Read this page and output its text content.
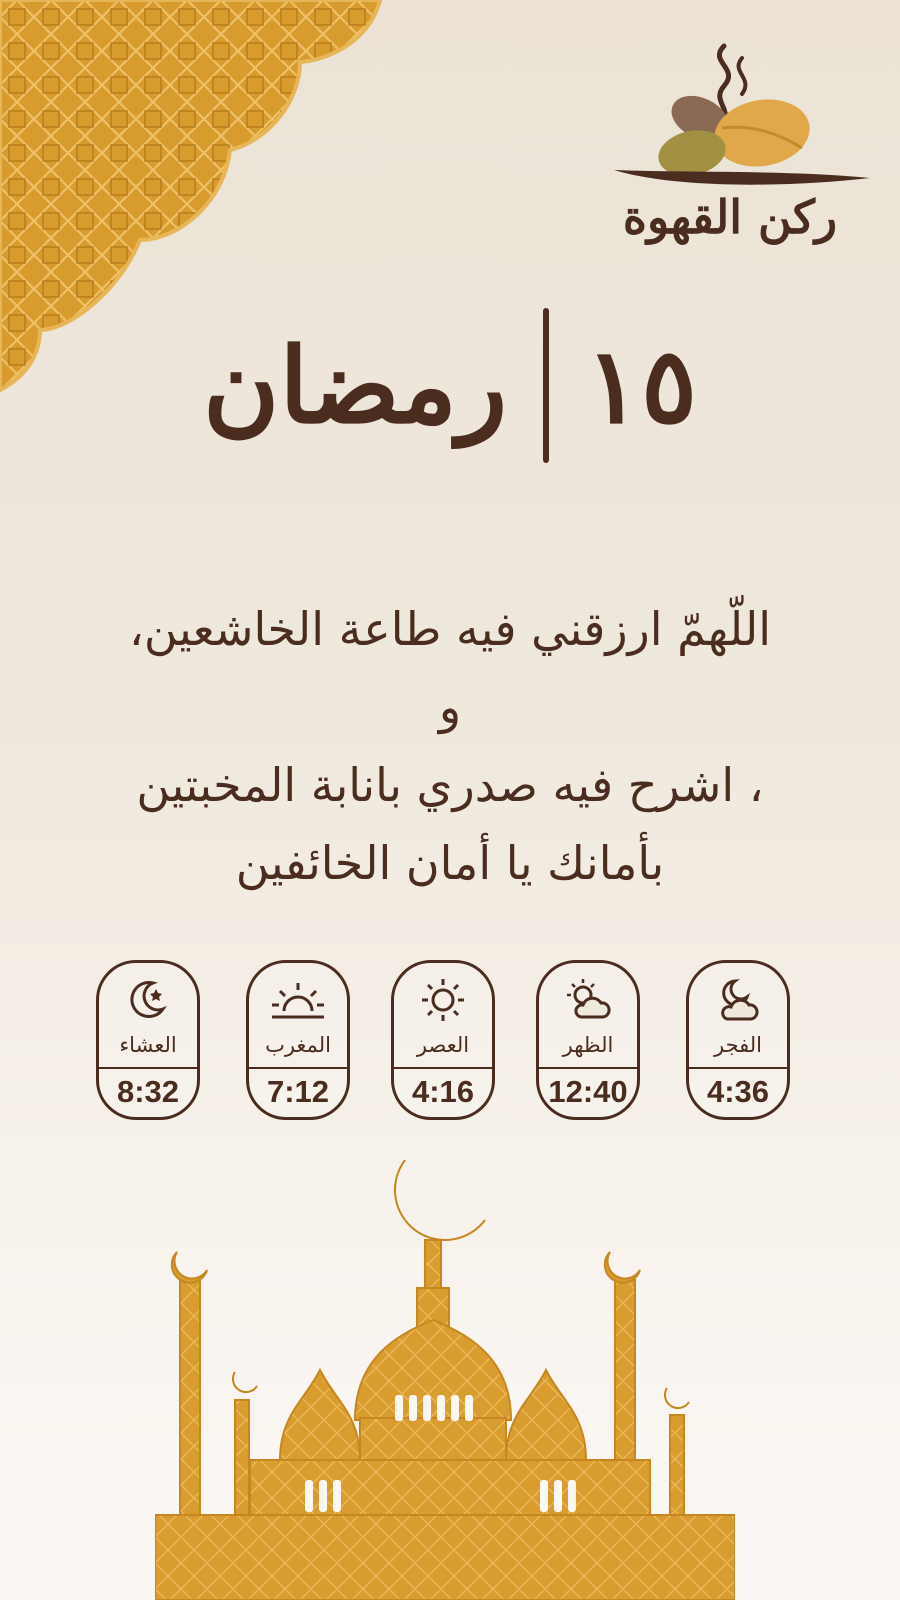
ركن القهوة
١٥
رمضان
اللّهمّ ارزقني فيه طاعة الخاشعين، و
، اشرح فيه صدري بانابة المخبتين
بأمانك يا أمان الخائفين
العشاء
8:32
المغرب
7:12
العصر
4:16
الظهر
12:40
الفجر
4:36
